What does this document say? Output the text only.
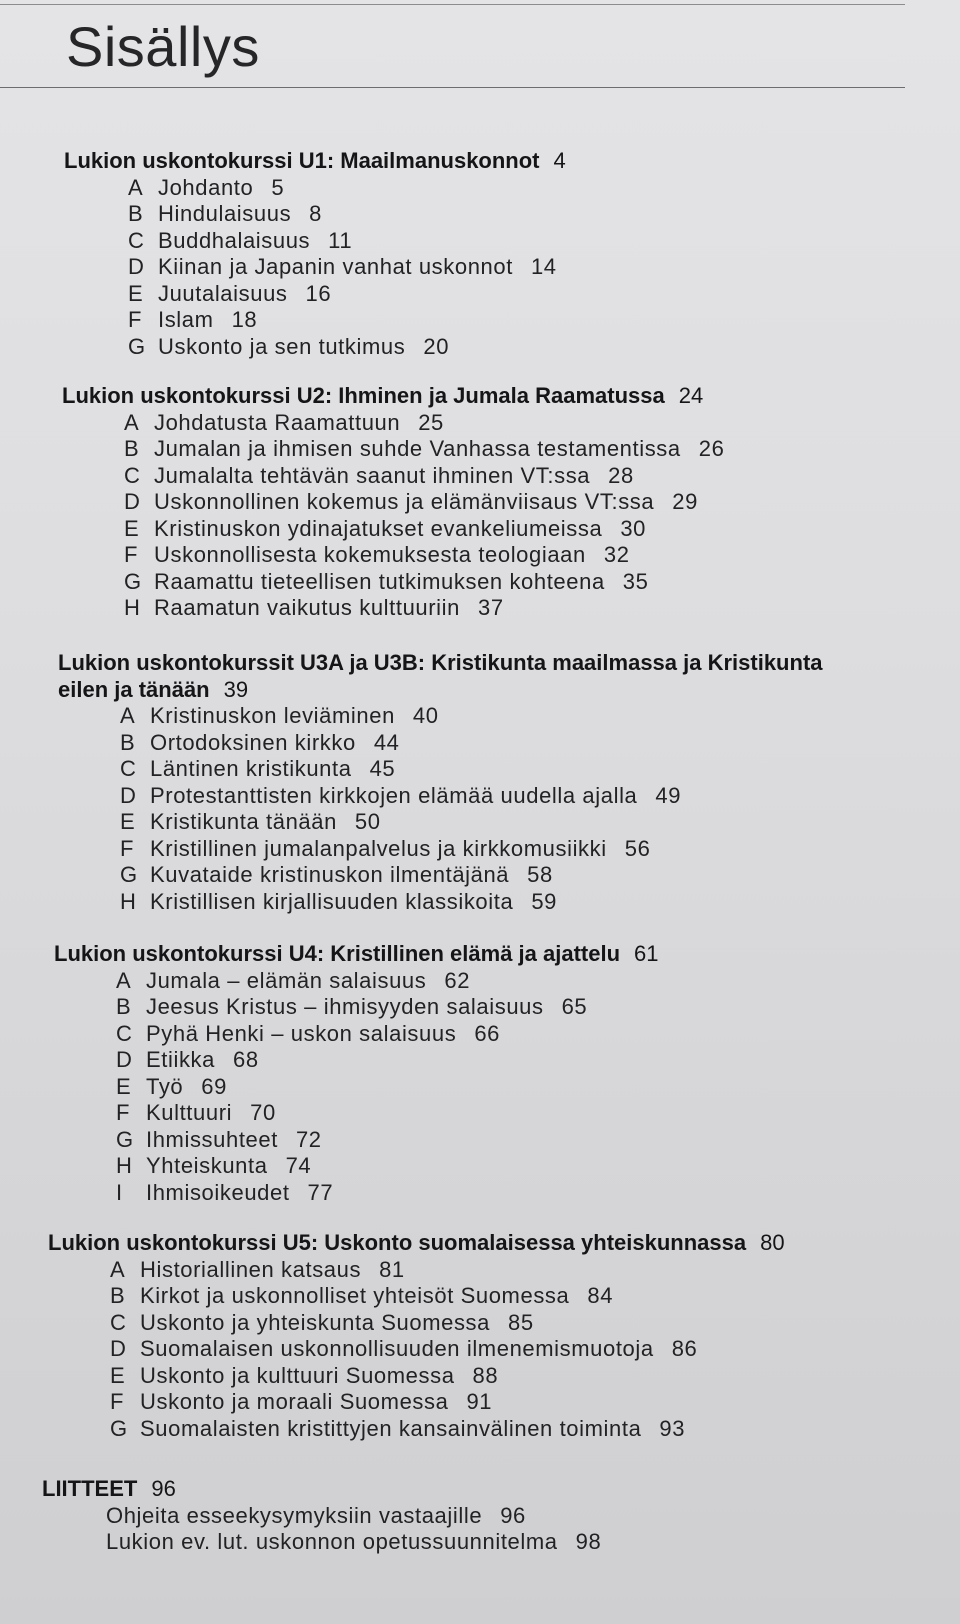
Sisällys

Lukion uskontokurssi U1: Maailmanuskonnot 4

A Johdanto 5
B Hindulaisuus 8
C Buddhalaisuus 11
D Kiinan ja Japanin vanhat uskonnot 14
E Juutalaisuus 16
F Islam 18
G Uskonto ja sen tutkimus 20

Lukion uskontokurssi U2: Ihminen ja Jumala Raamatussa 24

A Johdatusta Raamattuun 25
B Jumalan ja ihmisen suhde Vanhassa testamentissa 26
C Jumalalta tehtävän saanut ihminen VT:ssa 28
D Uskonnollinen kokemus ja elämänviisaus VT:ssa 29
E Kristinuskon ydinajatukset evankeliumeissa 30
F Uskonnollisesta kokemuksesta teologiaan 32
G Raamattu tieteellisen tutkimuksen kohteena 35
H Raamatun vaikutus kulttuuriin 37

Lukion uskontokurssit U3A ja U3B: Kristikunta maailmassa ja Kristikunta
eilen ja tänään 39

A Kristinuskon leviäminen 40
B Ortodoksinen kirkko 44
C Läntinen kristikunta 45
D Protestanttisten kirkkojen elämää uudella ajalla 49
E Kristikunta tänään 50
F Kristillinen jumalanpalvelus ja kirkkomusiikki 56
G Kuvataide kristinuskon ilmentäjänä 58
H Kristillisen kirjallisuuden klassikoita 59

Lukion uskontokurssi U4: Kristillinen elämä ja ajattelu 61

A Jumala – elämän salaisuus 62
B Jeesus Kristus – ihmisyyden salaisuus 65
C Pyhä Henki – uskon salaisuus 66
D Etiikka 68
E Työ 69
F Kulttuuri 70
G Ihmissuhteet 72
H Yhteiskunta 74
I Ihmisoikeudet 77

Lukion uskontokurssi U5: Uskonto suomalaisessa yhteiskunnassa 80

A Historiallinen katsaus 81
B Kirkot ja uskonnolliset yhteisöt Suomessa 84
C Uskonto ja yhteiskunta Suomessa 85
D Suomalaisen uskonnollisuuden ilmenemismuotoja 86
E Uskonto ja kulttuuri Suomessa 88
F Uskonto ja moraali Suomessa 91
G Suomalaisten kristittyjen kansainvälinen toiminta 93

LIITTEET 96

Ohjeita esseekysymyksiin vastaajille 96
Lukion ev. lut. uskonnon opetussuunnitelma 98
